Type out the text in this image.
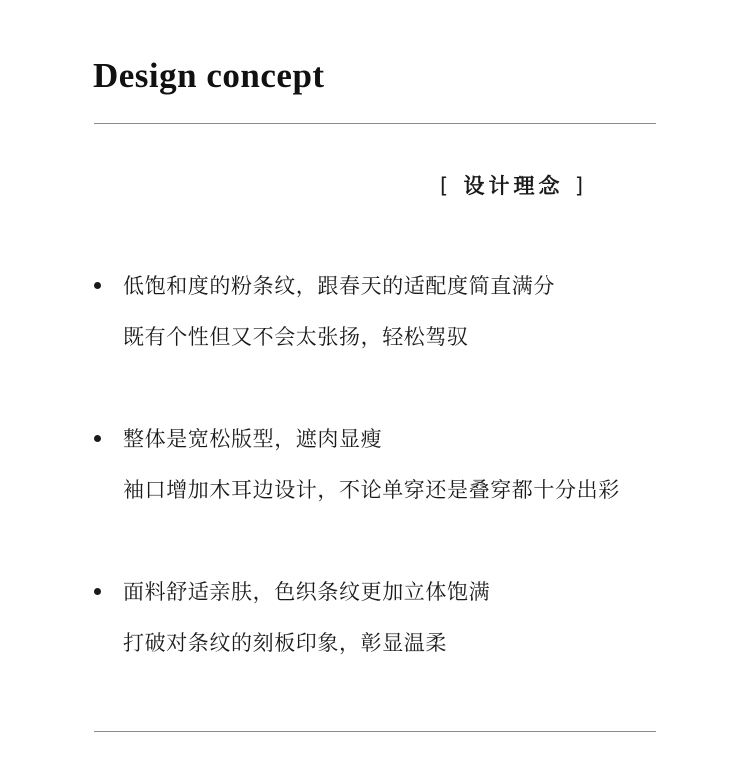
Design concept
[ 设计理念 ]
低饱和度的粉条纹，跟春天的适配度简直满分
既有个性但又不会太张扬，轻松驾驭
整体是宽松版型，遮肉显瘦
袖口增加木耳边设计，不论单穿还是叠穿都十分出彩
面料舒适亲肤，色织条纹更加立体饱满
打破对条纹的刻板印象，彰显温柔
